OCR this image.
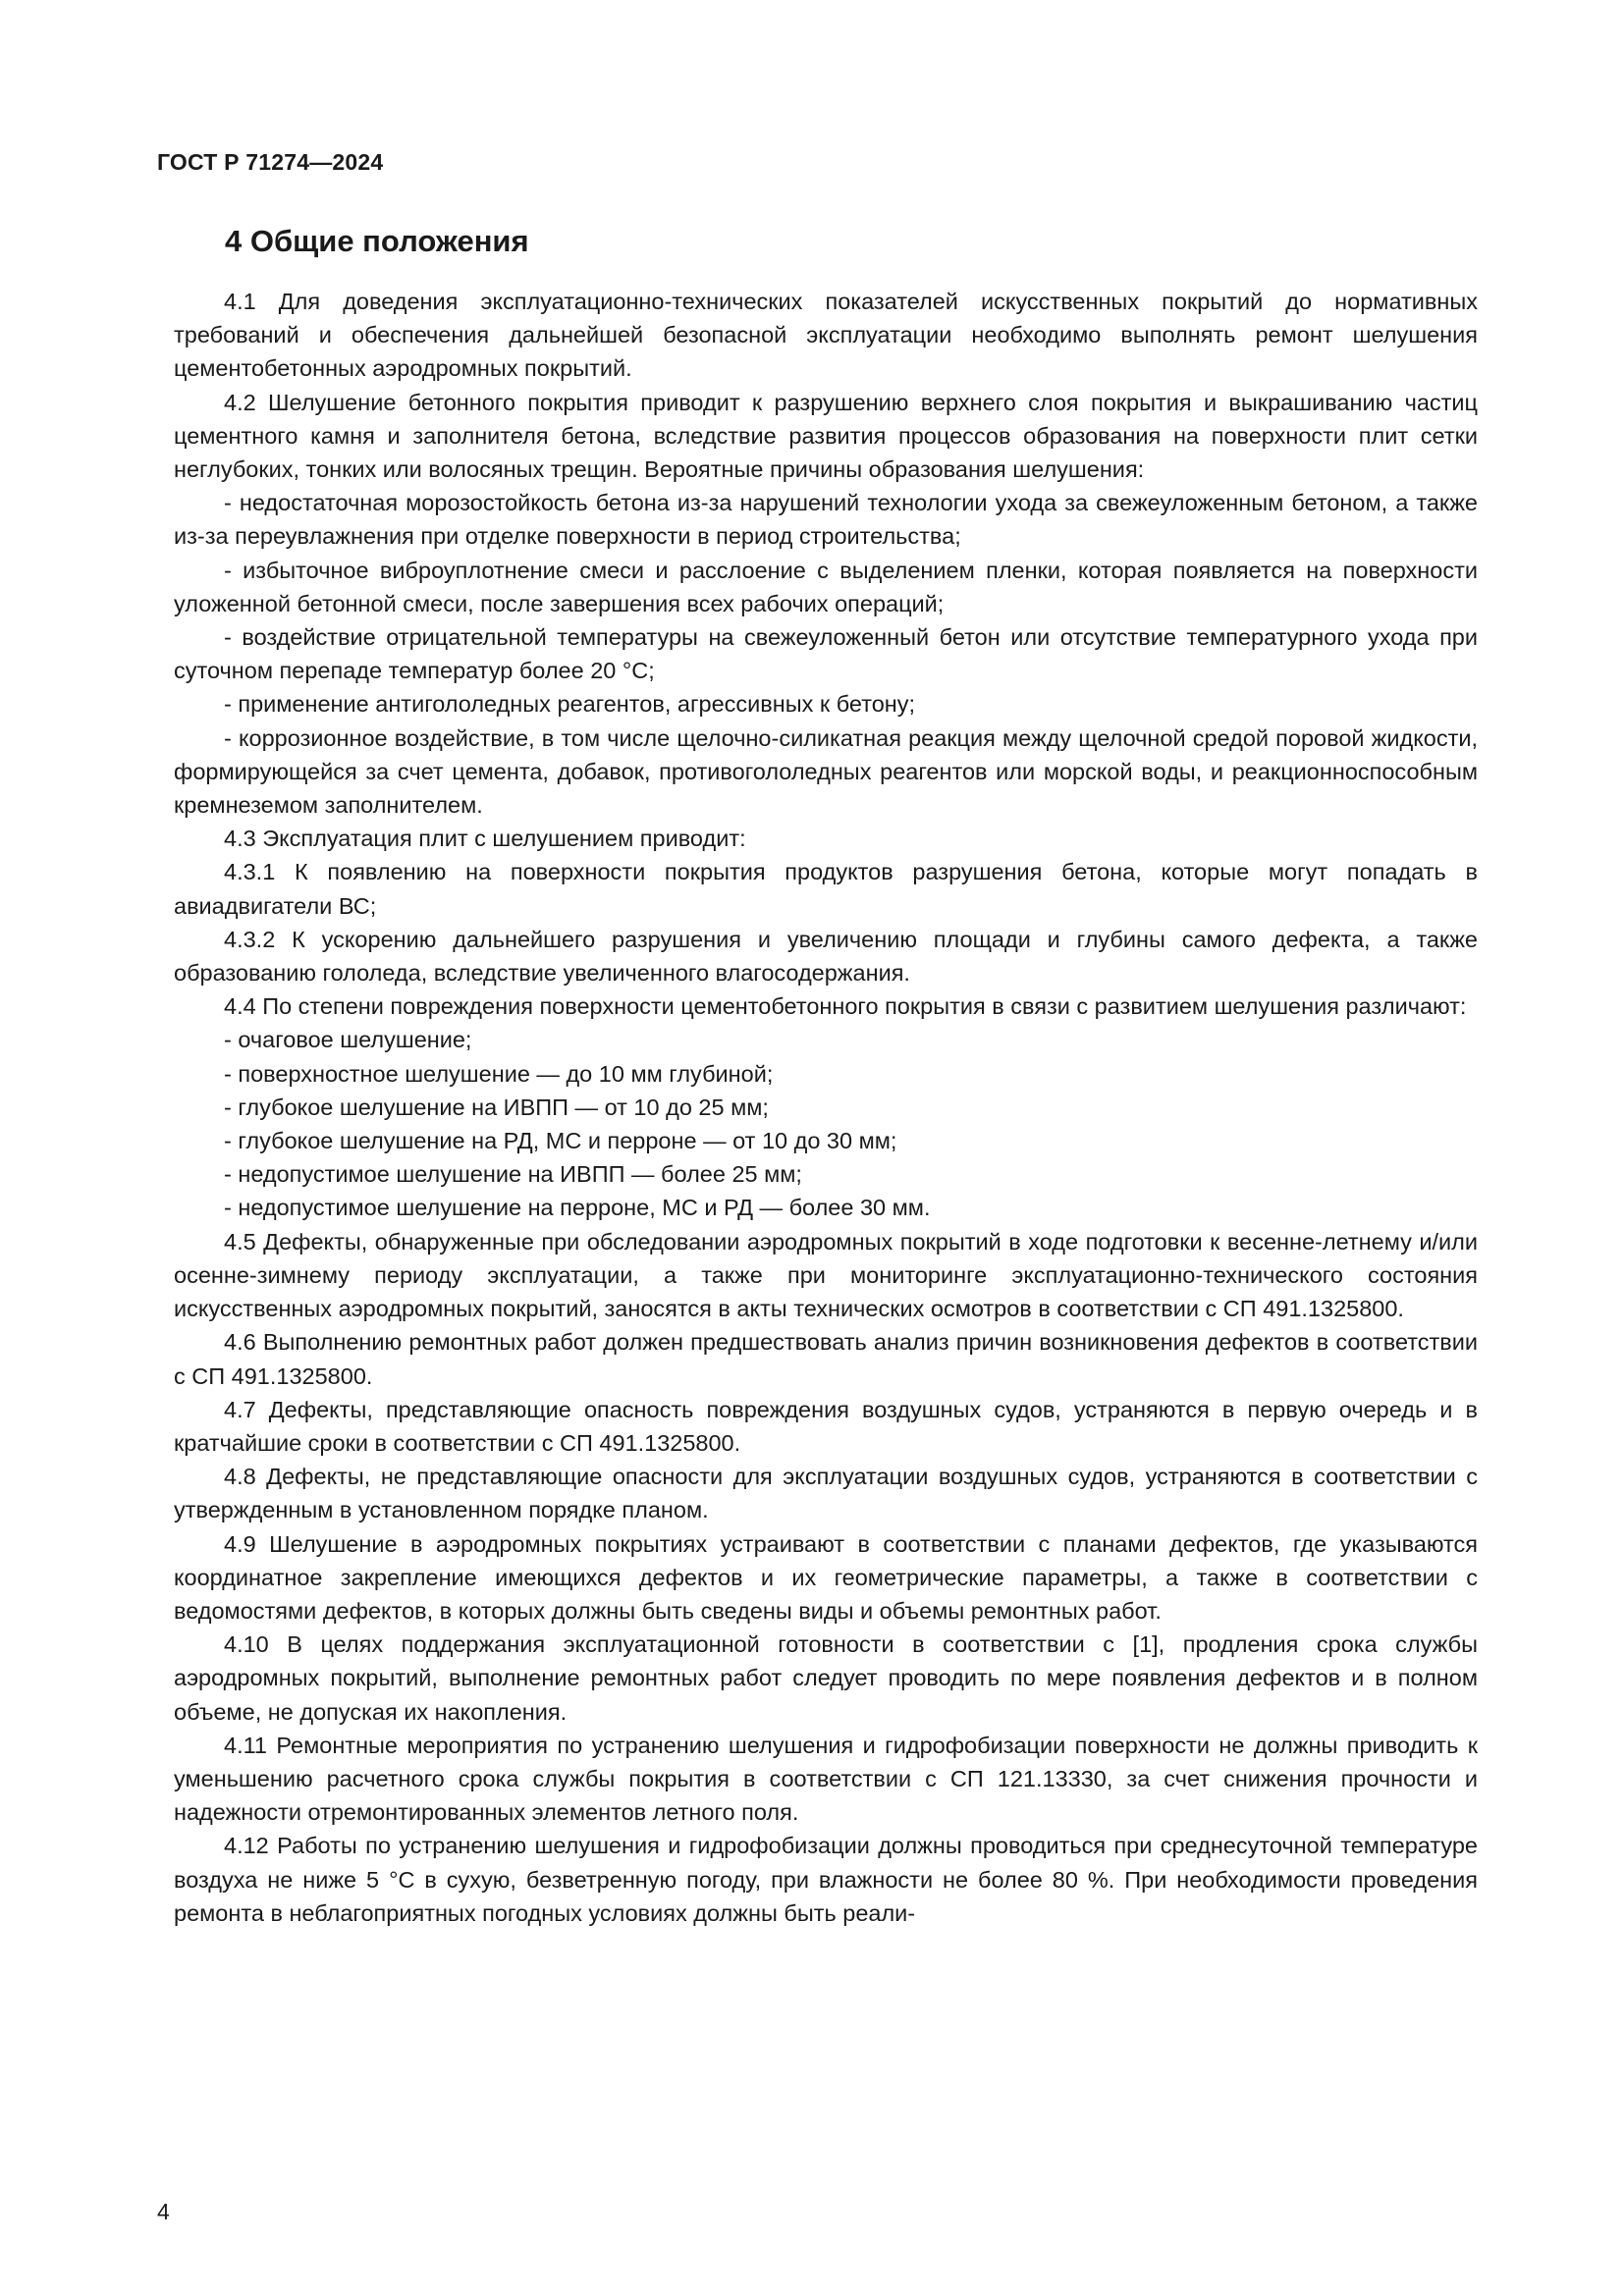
ГОСТ Р 71274—2024
4 Общие положения

4.1 Для доведения эксплуатационно-технических показателей искусственных покрытий до нормативных требований и обеспечения дальнейшей безопасной эксплуатации необходимо выполнять ремонт шелушения цементобетонных аэродромных покрытий.

4.2 Шелушение бетонного покрытия приводит к разрушению верхнего слоя покрытия и выкрашиванию частиц цементного камня и заполнителя бетона, вследствие развития процессов образования на поверхности плит сетки неглубоких, тонких или волосяных трещин. Вероятные причины образования шелушения:

- недостаточная морозостойкость бетона из-за нарушений технологии ухода за свежеуложенным бетоном, а также из-за переувлажнения при отделке поверхности в период строительства;

- избыточное виброуплотнение смеси и расслоение с выделением пленки, которая появляется на поверхности уложенной бетонной смеси, после завершения всех рабочих операций;

- воздействие отрицательной температуры на свежеуложенный бетон или отсутствие температурного ухода при суточном перепаде температур более 20 °С;

- применение антигололедных реагентов, агрессивных к бетону;

- коррозионное воздействие, в том числе щелочно-силикатная реакция между щелочной средой поровой жидкости, формирующейся за счет цемента, добавок, противогололедных реагентов или морской воды, и реакционноспособным кремнеземом заполнителем.

4.3 Эксплуатация плит с шелушением приводит:

4.3.1 К появлению на поверхности покрытия продуктов разрушения бетона, которые могут попадать в авиадвигатели ВС;

4.3.2 К ускорению дальнейшего разрушения и увеличению площади и глубины самого дефекта, а также образованию гололеда, вследствие увеличенного влагосодержания.

4.4 По степени повреждения поверхности цементобетонного покрытия в связи с развитием шелушения различают:

- очаговое шелушение;

- поверхностное шелушение — до 10 мм глубиной;

- глубокое шелушение на ИВПП — от 10 до 25 мм;

- глубокое шелушение на РД, МС и перроне — от 10 до 30 мм;

- недопустимое шелушение на ИВПП — более 25 мм;

- недопустимое шелушение на перроне, МС и РД — более 30 мм.

4.5 Дефекты, обнаруженные при обследовании аэродромных покрытий в ходе подготовки к весенне-летнему и/или осенне-зимнему периоду эксплуатации, а также при мониторинге эксплуатационно-технического состояния искусственных аэродромных покрытий, заносятся в акты технических осмотров в соответствии с СП 491.1325800.

4.6 Выполнению ремонтных работ должен предшествовать анализ причин возникновения дефектов в соответствии с СП 491.1325800.

4.7 Дефекты, представляющие опасность повреждения воздушных судов, устраняются в первую очередь и в кратчайшие сроки в соответствии с СП 491.1325800.

4.8 Дефекты, не представляющие опасности для эксплуатации воздушных судов, устраняются в соответствии с утвержденным в установленном порядке планом.

4.9 Шелушение в аэродромных покрытиях устраивают в соответствии с планами дефектов, где указываются координатное закрепление имеющихся дефектов и их геометрические параметры, а также в соответствии с ведомостями дефектов, в которых должны быть сведены виды и объемы ремонтных работ.

4.10 В целях поддержания эксплуатационной готовности в соответствии с [1], продления срока службы аэродромных покрытий, выполнение ремонтных работ следует проводить по мере появления дефектов и в полном объеме, не допуская их накопления.

4.11 Ремонтные мероприятия по устранению шелушения и гидрофобизации поверхности не должны приводить к уменьшению расчетного срока службы покрытия в соответствии с СП 121.13330, за счет снижения прочности и надежности отремонтированных элементов летного поля.

4.12 Работы по устранению шелушения и гидрофобизации должны проводиться при среднесуточной температуре воздуха не ниже 5 °С в сухую, безветренную погоду, при влажности не более 80 %. При необходимости проведения ремонта в неблагоприятных погодных условиях должны быть реали-

4
